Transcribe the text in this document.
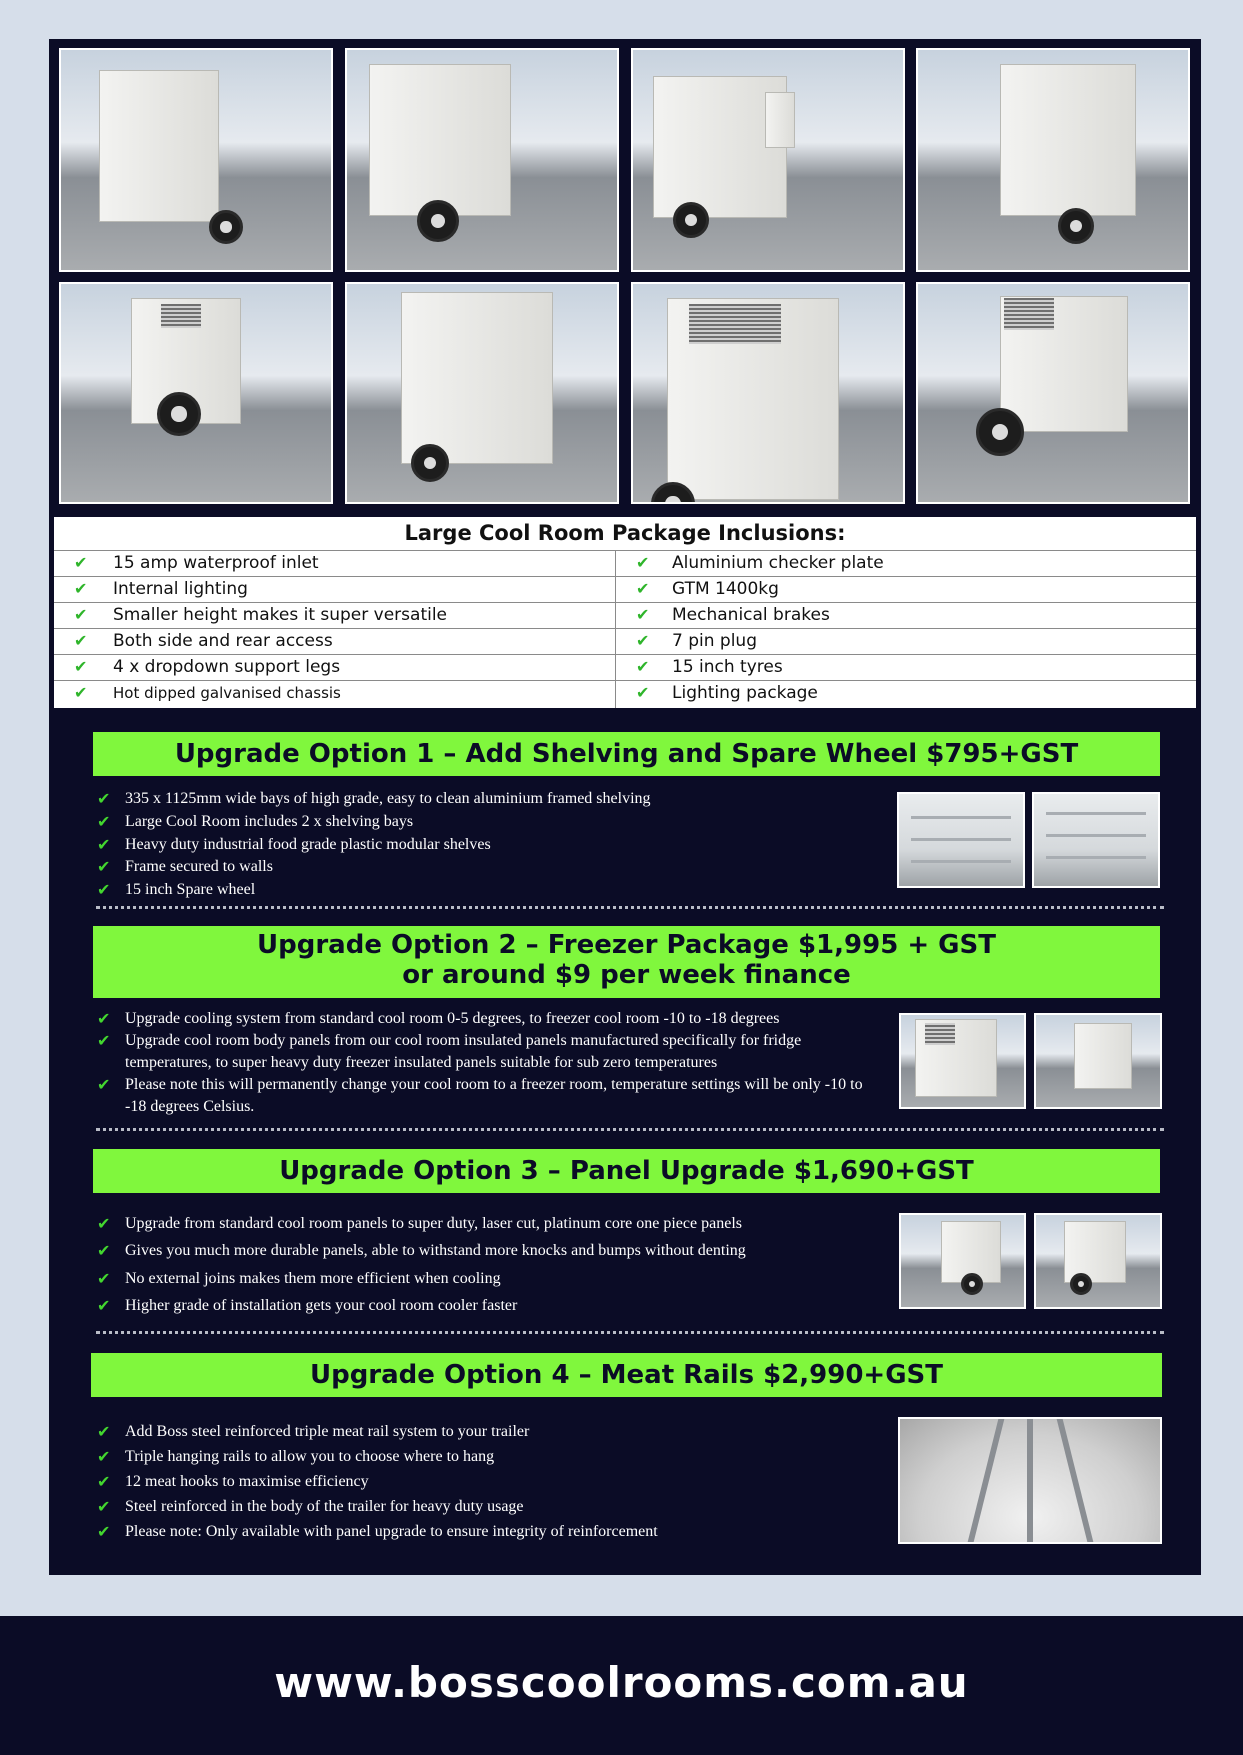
Large Cool Room Package Inclusions:
✔ 15 amp waterproof inlet
✔ Internal lighting
✔ Smaller height makes it super versatile
✔ Both side and rear access
✔ 4 x dropdown support legs
✔ Hot dipped galvanised chassis
✔ Aluminium checker plate
✔ GTM 1400kg
✔ Mechanical brakes
✔ 7 pin plug
✔ 15 inch tyres
✔ Lighting package
Upgrade Option 1 – Add Shelving and Spare Wheel $795+GST
✔ 335 x 1125mm wide bays of high grade, easy to clean aluminium framed shelving
✔ Large Cool Room includes 2 x shelving bays
✔ Heavy duty industrial food grade plastic modular shelves
✔ Frame secured to walls
✔ 15 inch Spare wheel
Upgrade Option 2 – Freezer Package $1,995 + GST
or around $9 per week finance
✔ Upgrade cooling system from standard cool room 0-5 degrees, to freezer cool room -10 to -18 degrees
✔ Upgrade cool room body panels from our cool room insulated panels manufactured specifically for fridge temperatures, to super heavy duty freezer insulated panels suitable for sub zero temperatures
✔ Please note this will permanently change your cool room to a freezer room, temperature settings will be only -10 to -18 degrees Celsius.
Upgrade Option 3 – Panel Upgrade $1,690+GST
✔ Upgrade from standard cool room panels to super duty, laser cut, platinum core one piece panels
✔ Gives you much more durable panels, able to withstand more knocks and bumps without denting
✔ No external joins makes them more efficient when cooling
✔ Higher grade of installation gets your cool room cooler faster
Upgrade Option 4 – Meat Rails $2,990+GST
✔ Add Boss steel reinforced triple meat rail system to your trailer
✔ Triple hanging rails to allow you to choose where to hang
✔ 12 meat hooks to maximise efficiency
✔ Steel reinforced in the body of the trailer for heavy duty usage
✔ Please note: Only available with panel upgrade to ensure integrity of reinforcement
www.bosscoolrooms.com.au
